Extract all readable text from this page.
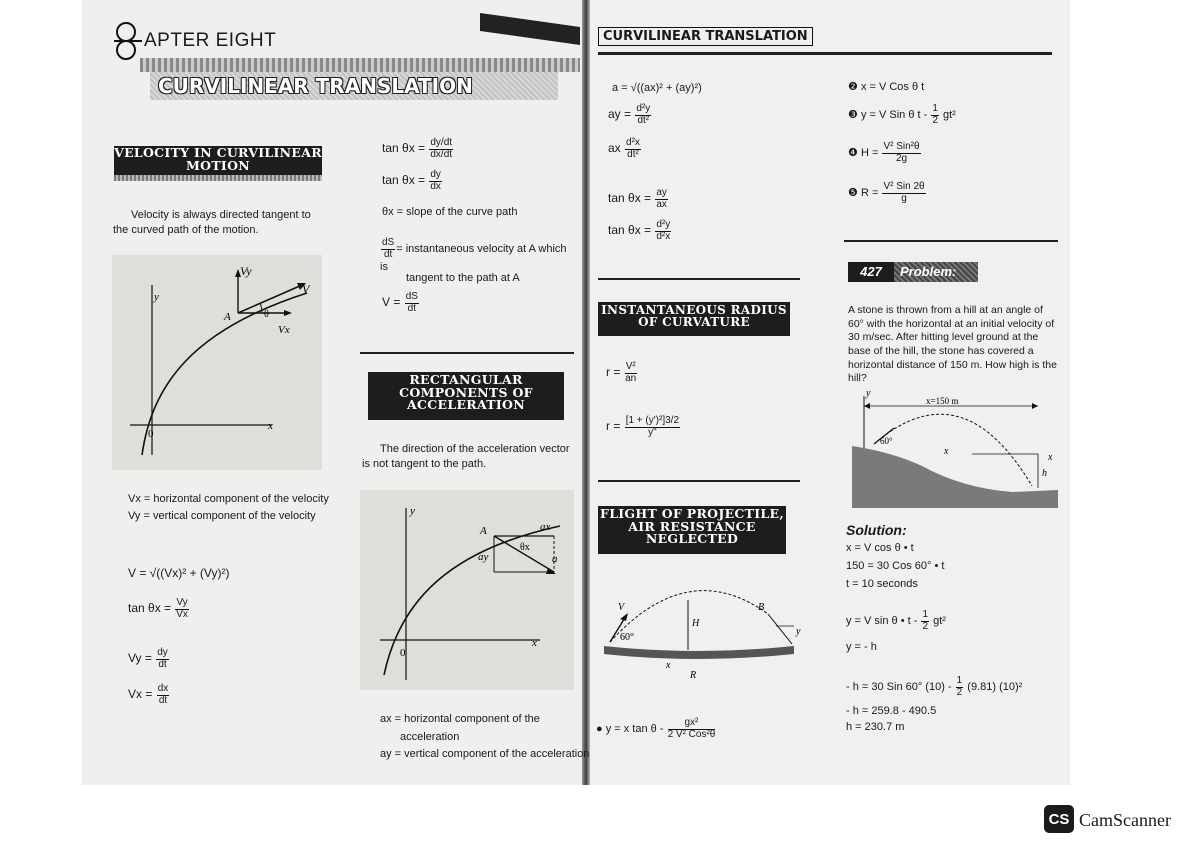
APTER EIGHT
CURVILINEAR TRANSLATION
VELOCITY IN CURVILINEAR
MOTION
Velocity is always directed tangent to the curved path of the motion.
Vy
V
y
A	θ
Vx
0
x
Vx = horizontal component of the velocity
Vy = vertical component of the velocity
V = √((Vx)² + (Vy)²)
$\tan \theta x = \frac{Vy}{Vx}$
$Vy = \frac{dy}{dt}$
$Vx = \frac{dx}{dt}$
$\tan \theta x = \frac{dy/dt}{dx/dt}$
$\tan \theta x = \frac{dy}{dx}$
θx = slope of the curve path
$\frac{dS}{dt}$ = instantaneous velocity at A which is
tangent to the path at A
$V = \frac{dS}{dt}$
RECTANGULAR
COMPONENTS OF
ACCELERATION
The direction of the acceleration vector is not tangent to the path.
y
A	ax
θx
ay	a
0
x
ax = horizontal component of the
acceleration
ay = vertical component of the acceleration
CURVILINEAR TRANSLATION
a = √((ax)² + (ay)²)
ay = $\frac{\text{d²y}}{\text{dt²}}$
ax $\frac{\text{d²x}}{\text{dt²}}$
$\tan \theta x = \frac{ay}{ax}$
$\tan \theta x = \frac{\text{d²y}}{\text{d²x}}$
INSTANTANEOUS RADIUS
OF CURVATURE
$r = \frac{\text{V²}}{an}$
$r = \frac{\text{[1 + (y')²]3/2}}{y"}$
FLIGHT OF PROJECTILE,
AIR RESISTANCE
NEGLECTED
V
60°
H
B
x
y
R
● y = x tan θ - $\frac{\text{gx²}}{\text{2 V² Cos²θ}}$
❷ x = V Cos θ t
❸ y = V Sin θ t - $\frac{1}{2} gt^2$
❹ $H = \frac{\text{V² Sin²θ}}{2g}$
❺ $R = \frac{\text{V² Sin 2θ}}{g}$
427	Problem:
A stone is thrown from a hill at an angle of 60° with the horizontal at an initial velocity of 30 m/sec. After hitting level ground at the base of the hill, the stone has covered a horizontal distance of 150 m. How high is the hill?
y
x=150 m
60°
x
h
x
Solution:
x = V cos θ • t
150 = 30 Cos 60° • t
t = 10 seconds
y = V sin θ • t - $\frac{1}{2} gt^2$
y = - h
- h = 30 Sin 60° $(10) - \frac{1}{2} (9.81)$ (10)²
- h = 259.8 - 490.5
h = 230.7 m
CS CamScanner
